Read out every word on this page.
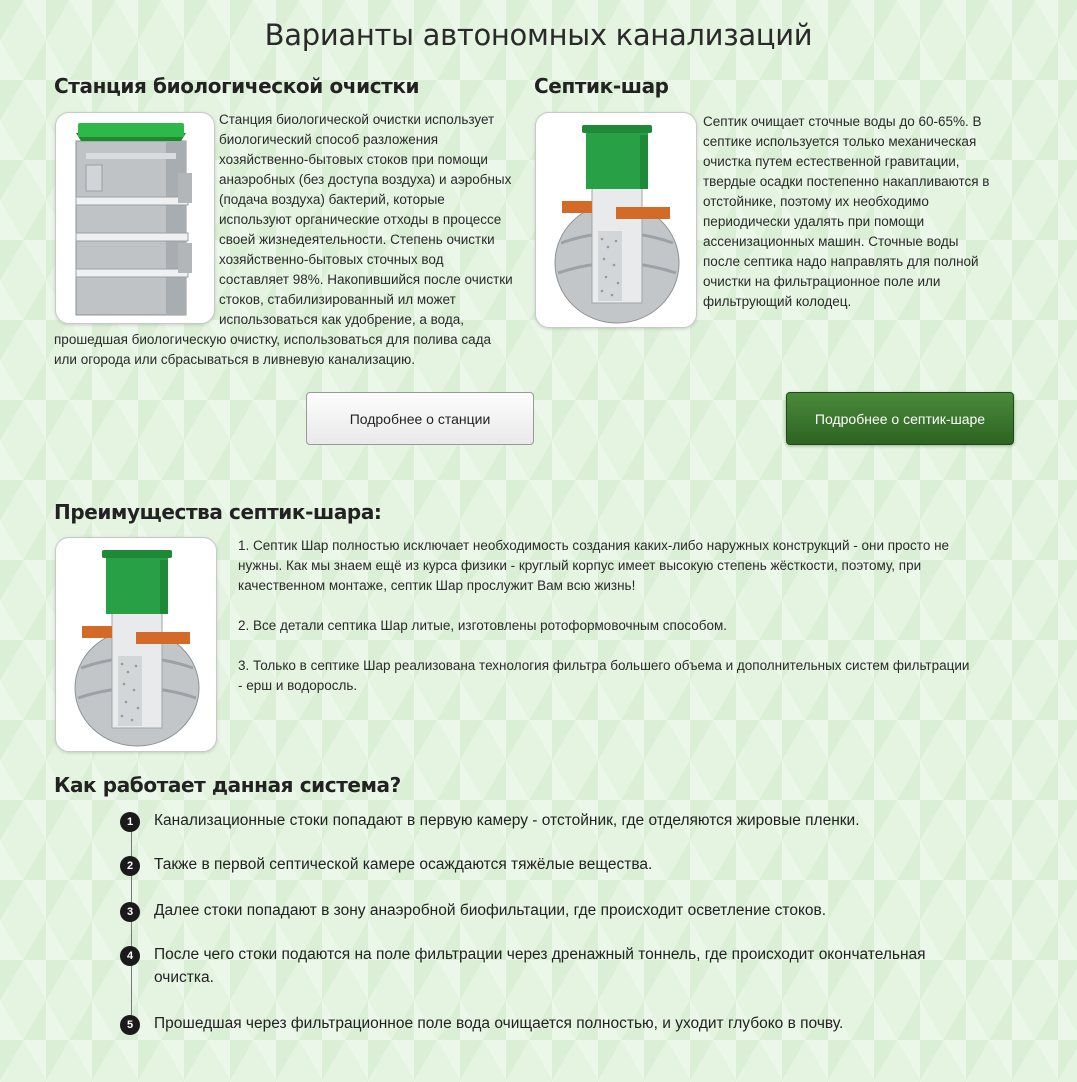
Варианты автономных канализаций
Станция биологической очистки
Станция биологической очистки использует
биологический способ разложения
хозяйственно-бытовых стоков при помощи
анаэробных (без доступа воздуха) и аэробных
(подача воздуха) бактерий, которые
используют органические отходы в процессе
своей жизнедеятельности. Степень очистки
хозяйственно-бытовых сточных вод
составляет 98%. Накопившийся после очистки
стоков, стабилизированный ил может
использоваться как удобрение, а вода,
прошедшая биологическую очистку, использоваться для полива сада
или огорода или сбрасываться в ливневую канализацию.
Подробнее о станции
Септик-шар
Септик очищает сточные воды до 60-65%. В
септике используется только механическая
очистка путем естественной гравитации,
твердые осадки постепенно накапливаются в
отстойнике, поэтому их необходимо
периодически удалять при помощи
ассенизационных машин. Сточные воды
после септика надо направлять для полной
очистки на фильтрационное поле или
фильтрующий колодец.
Подробнее о септик-шаре
Преимущества септик-шара:
1. Септик Шар полностью исключает необходимость создания каких-либо наружных конструкций - они просто не
нужны. Как мы знаем ещё из курса физики - круглый корпус имеет высокую степень жёсткости, поэтому, при
качественном монтаже, септик Шар прослужит Вам всю жизнь!
2. Все детали септика Шар литые, изготовлены ротоформовочным способом.
3. Только в септике Шар реализована технология фильтра большего объема и дополнительных систем фильтрации
- ерш и водоросль.
Как работает данная система?
1	Канализационные стоки попадают в первую камеру - отстойник, где отделяются жировые пленки.
2	Также в первой септической камере осаждаются тяжёлые вещества.
3	Далее стоки попадают в зону анаэробной биофильтации, где происходит осветление стоков.
4	После чего стоки подаются на поле фильтрации через дренажный тоннель, где происходит окончательная очистка.
5	Прошедшая через фильтрационное поле вода очищается полностью, и уходит глубоко в почву.
